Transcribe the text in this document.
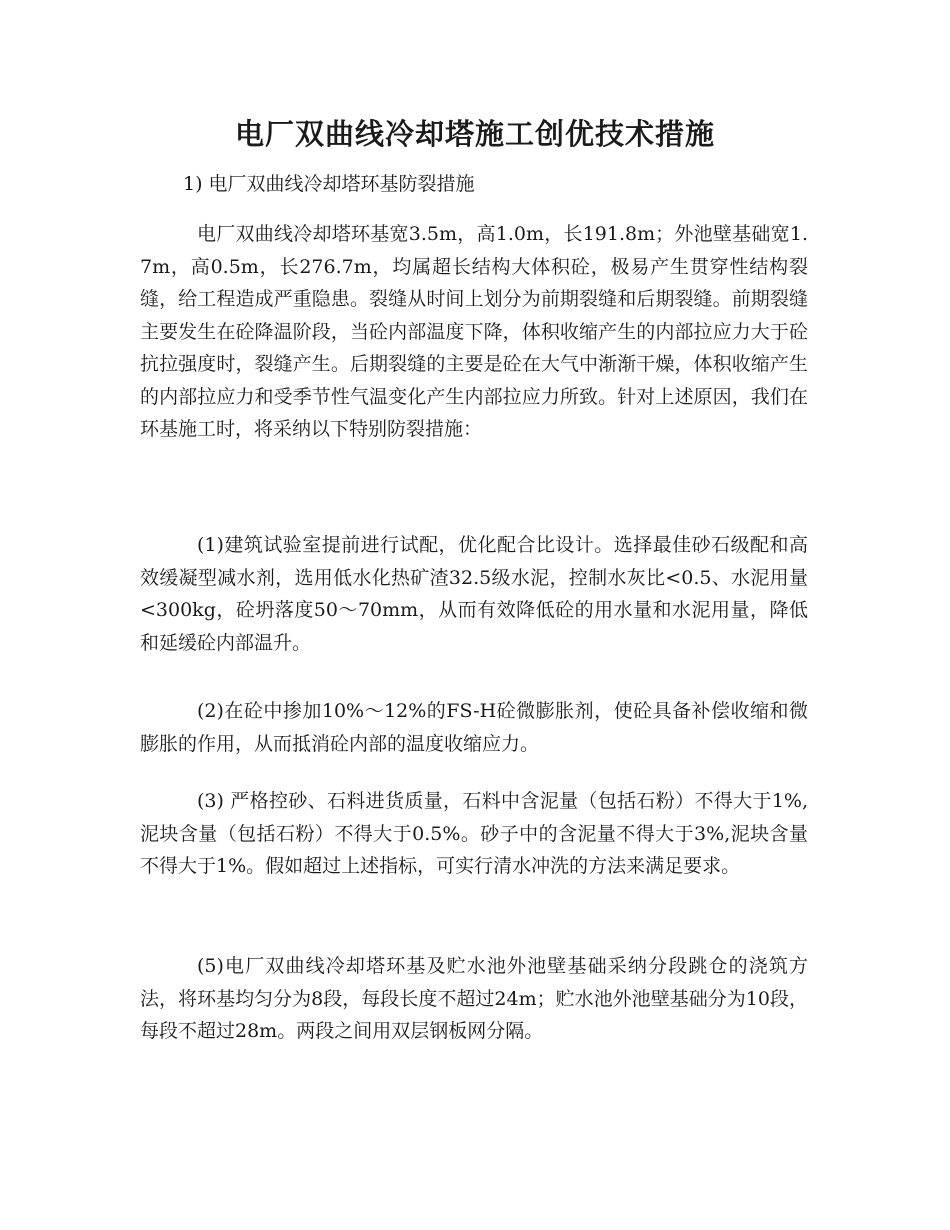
电厂双曲线冷却塔施工创优技术措施

1) 电厂双曲线冷却塔环基防裂措施

电厂双曲线冷却塔环基宽3.5m，高1.0m，长191.8m；外池壁基础宽1.7m，高0.5m，长276.7m，均属超长结构大体积砼，极易产生贯穿性结构裂缝，给工程造成严重隐患。裂缝从时间上划分为前期裂缝和后期裂缝。前期裂缝主要发生在砼降温阶段，当砼内部温度下降，体积收缩产生的内部拉应力大于砼抗拉强度时，裂缝产生。后期裂缝的主要是砼在大气中渐渐干燥，体积收缩产生的内部拉应力和受季节性气温变化产生内部拉应力所致。针对上述原因，我们在环基施工时，将采纳以下特别防裂措施：

(1)建筑试验室提前进行试配，优化配合比设计。选择最佳砂石级配和高效缓凝型减水剂，选用低水化热矿渣32.5级水泥，控制水灰比<0.5、水泥用量<300kg，砼坍落度50～70mm，从而有效降低砼的用水量和水泥用量，降低和延缓砼内部温升。

(2)在砼中掺加10%～12%的FS-H砼微膨胀剂，使砼具备补偿收缩和微膨胀的作用，从而抵消砼内部的温度收缩应力。

(3) 严格控砂、石料进货质量，石料中含泥量（包括石粉）不得大于1%,泥块含量（包括石粉）不得大于0.5%。砂子中的含泥量不得大于3%,泥块含量不得大于1%。假如超过上述指标，可实行清水冲洗的方法来满足要求。

(5)电厂双曲线冷却塔环基及贮水池外池壁基础采纳分段跳仓的浇筑方法，将环基均匀分为8段，每段长度不超过24m；贮水池外池壁基础分为10段，每段不超过28m。两段之间用双层钢板网分隔。
